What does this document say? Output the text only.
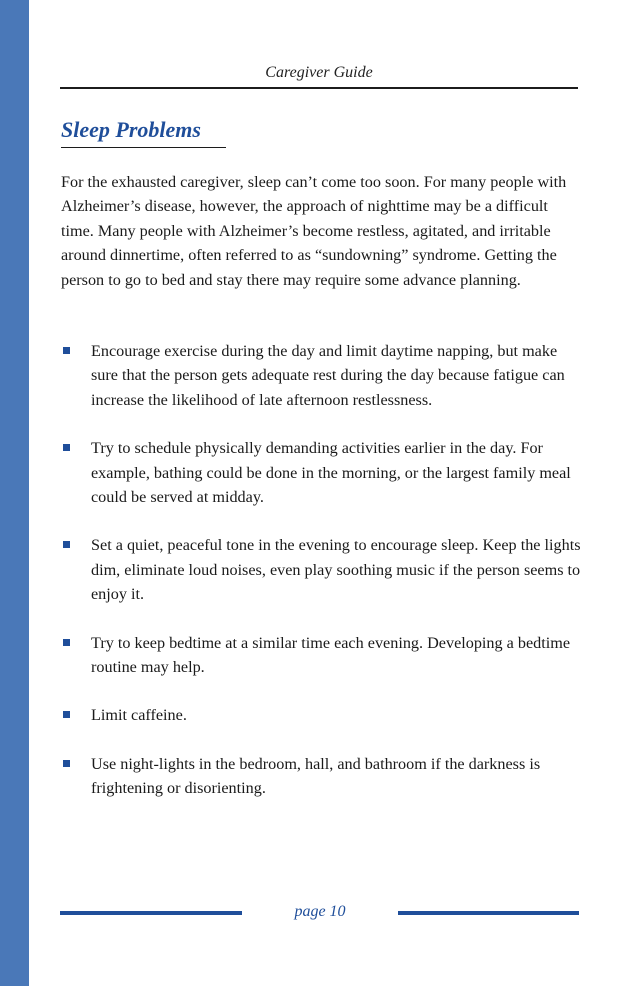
Caregiver Guide
Sleep Problems

For the exhausted caregiver, sleep can’t come too soon. For many people with Alzheimer’s disease, however, the approach of nighttime may be a difficult time. Many people with Alzheimer’s become restless, agitated, and irritable around dinnertime, often referred to as “sundowning” syndrome. Getting the person to go to bed and stay there may require some advance planning.

Encourage exercise during the day and limit daytime napping, but make sure that the person gets adequate rest during the day because fatigue can increase the likelihood of late afternoon restlessness.
Try to schedule physically demanding activities earlier in the day. For example, bathing could be done in the morning, or the largest family meal could be served at midday.
Set a quiet, peaceful tone in the evening to encourage sleep. Keep the lights dim, eliminate loud noises, even play soothing music if the person seems to enjoy it.
Try to keep bedtime at a similar time each evening. Developing a bedtime routine may help.
Limit caffeine.
Use night-lights in the bedroom, hall, and bathroom if the darkness is frightening or disorienting.
page 10
